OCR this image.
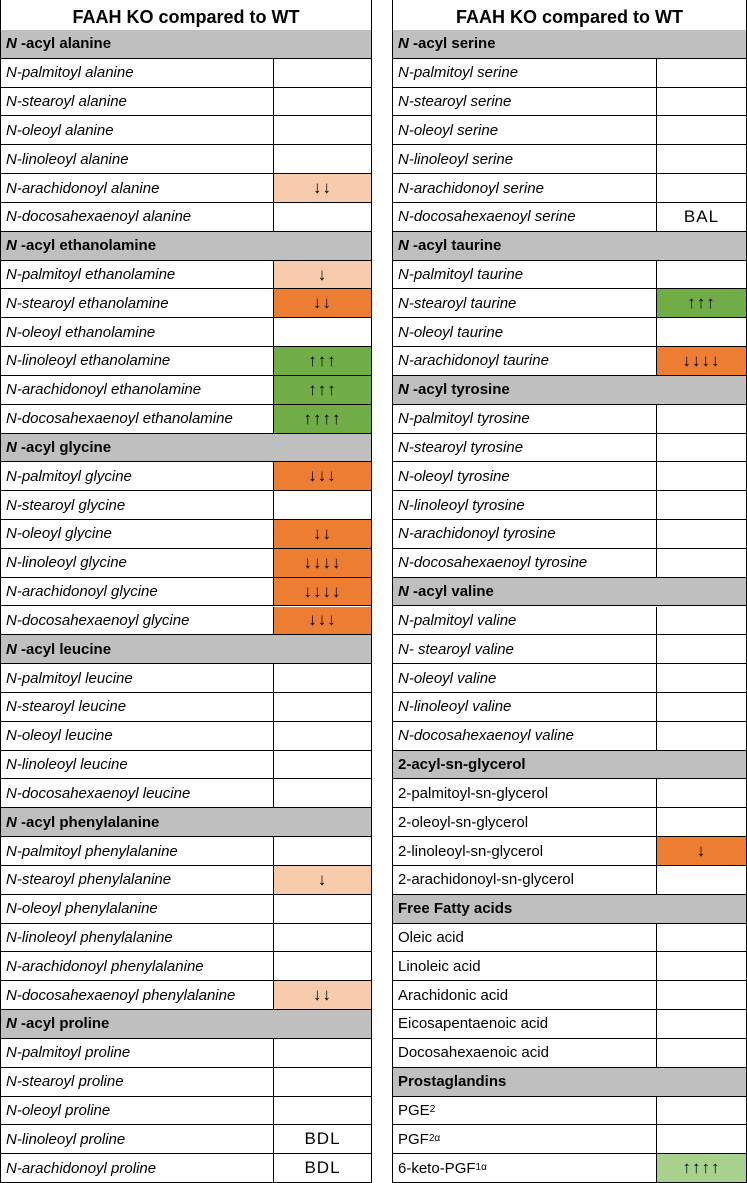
FAAH KO compared to WT
N -acyl alanine
N-palmitoyl alanine
N-stearoyl alanine
N-oleoyl alanine
N-linoleoyl alanine
N-arachidonoyl alanine	↓↓
N-docosahexaenoyl alanine
N -acyl ethanolamine
N-palmitoyl ethanolamine	↓
N-stearoyl ethanolamine	↓↓
N-oleoyl ethanolamine
N-linoleoyl ethanolamine	↑↑↑
N-arachidonoyl ethanolamine	↑↑↑
N-docosahexaenoyl ethanolamine	↑↑↑↑
N -acyl glycine
N-palmitoyl glycine	↓↓↓
N-stearoyl glycine
N-oleoyl glycine	↓↓
N-linoleoyl glycine	↓↓↓↓
N-arachidonoyl glycine	↓↓↓↓
N-docosahexaenoyl glycine	↓↓↓
N -acyl leucine
N-palmitoyl leucine
N-stearoyl leucine
N-oleoyl leucine
N-linoleoyl leucine
N-docosahexaenoyl leucine
N -acyl phenylalanine
N-palmitoyl phenylalanine
N-stearoyl phenylalanine	↓
N-oleoyl phenylalanine
N-linoleoyl phenylalanine
N-arachidonoyl phenylalanine
N-docosahexaenoyl phenylalanine	↓↓
N -acyl proline
N-palmitoyl proline
N-stearoyl proline
N-oleoyl proline
N-linoleoyl proline	BDL
N-arachidonoyl proline	BDL
FAAH KO compared to WT
N -acyl serine
N-palmitoyl serine
N-stearoyl serine
N-oleoyl serine
N-linoleoyl serine
N-arachidonoyl serine
N-docosahexaenoyl serine	BAL
N -acyl taurine
N-palmitoyl taurine
N-stearoyl taurine	↑↑↑
N-oleoyl taurine
N-arachidonoyl taurine	↓↓↓↓
N -acyl tyrosine
N-palmitoyl tyrosine
N-stearoyl tyrosine
N-oleoyl tyrosine
N-linoleoyl tyrosine
N-arachidonoyl tyrosine
N-docosahexaenoyl tyrosine
N -acyl valine
N-palmitoyl valine
N- stearoyl valine
N-oleoyl valine
N-linoleoyl valine
N-docosahexaenoyl valine
2-acyl-sn-glycerol
2-palmitoyl-sn-glycerol
2-oleoyl-sn-glycerol
2-linoleoyl-sn-glycerol	↓
2-arachidonoyl-sn-glycerol
Free Fatty acids
Oleic acid
Linoleic acid
Arachidonic acid
Eicosapentaenoic acid
Docosahexaenoic acid
Prostaglandins
PGE 2
PGF 2α
6-keto-PGF 1α	↑↑↑↑
